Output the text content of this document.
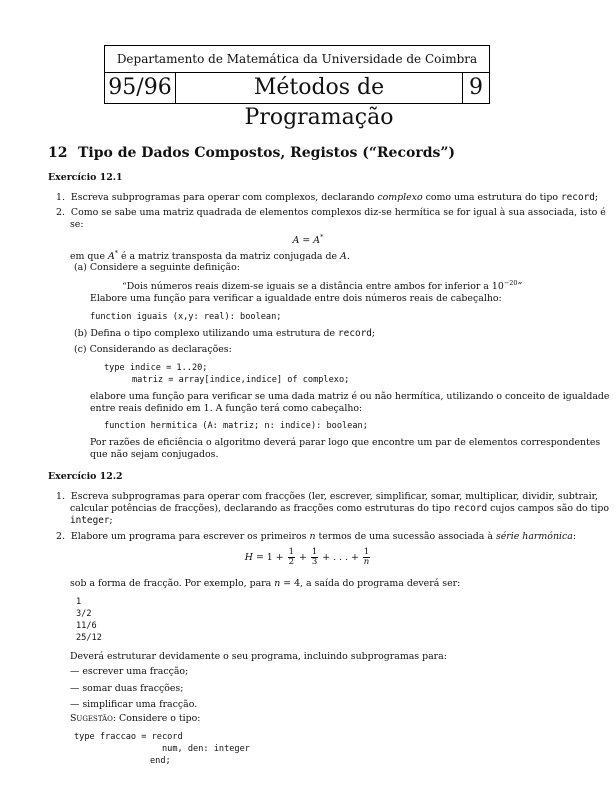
Departamento de Matemática da Universidade de Coimbra
95/96	Métodos de Programação
9
12 Tipo de Dados Compostos, Registos (“Records”)
Exercício 12.1
1. Escreva subprogramas para operar com complexos, declarando complexo como uma estrutura do tipo record;
2. Como se sabe uma matriz quadrada de elementos complexos diz-se hermítica se for igual à sua associada, isto é
se:
A = A*
em que A* é a matriz transposta da matriz conjugada de A.
(a) Considere a seguinte definição:
“Dois números reais dizem-se iguais se a distância entre ambos for inferior a $10^{-20}$”
Elabore uma função para verificar a igualdade entre dois números reais de cabeçalho:
function iguais (x,y: real): boolean;
(b) Defina o tipo complexo utilizando uma estrutura de record;
(c) Considerando as declarações:
type indice = 1..20;
matriz = array[indice,indice] of complexo;
elabore uma função para verificar se uma dada matriz é ou não hermítica, utilizando o conceito de igualdade
entre reais definido em 1. A função terá como cabeçalho:
function hermitica (A: matriz; n: indice): boolean;
Por razões de eficiência o algoritmo deverá parar logo que encontre um par de elementos correspondentes
que não sejam conjugados.
Exercício 12.2
1. Escreva subprogramas para operar com fracções (ler, escrever, simplificar, somar, multiplicar, dividir, subtrair,
calcular potências de fracções), declarando as fracções como estruturas do tipo record cujos campos são do tipo
integer;
2. Elabore um programa para escrever os primeiros n termos de uma sucessão associada à série harmónica:
$H = 1 + \frac{1}{2} + \frac{1}{3}$ + . . . + $\frac{1}{n}$
sob a forma de fracção. Por exemplo, para n = 4, a saída do programa deverá ser:
1
3/2
11/6
25/12
Deverá estruturar devidamente o seu programa, incluindo subprogramas para:
— escrever uma fracção;
— somar duas fracções;
— simplificar uma fracção.
Sugestão: Considere o tipo:
type fraccao = record
num, den: integer
end;
